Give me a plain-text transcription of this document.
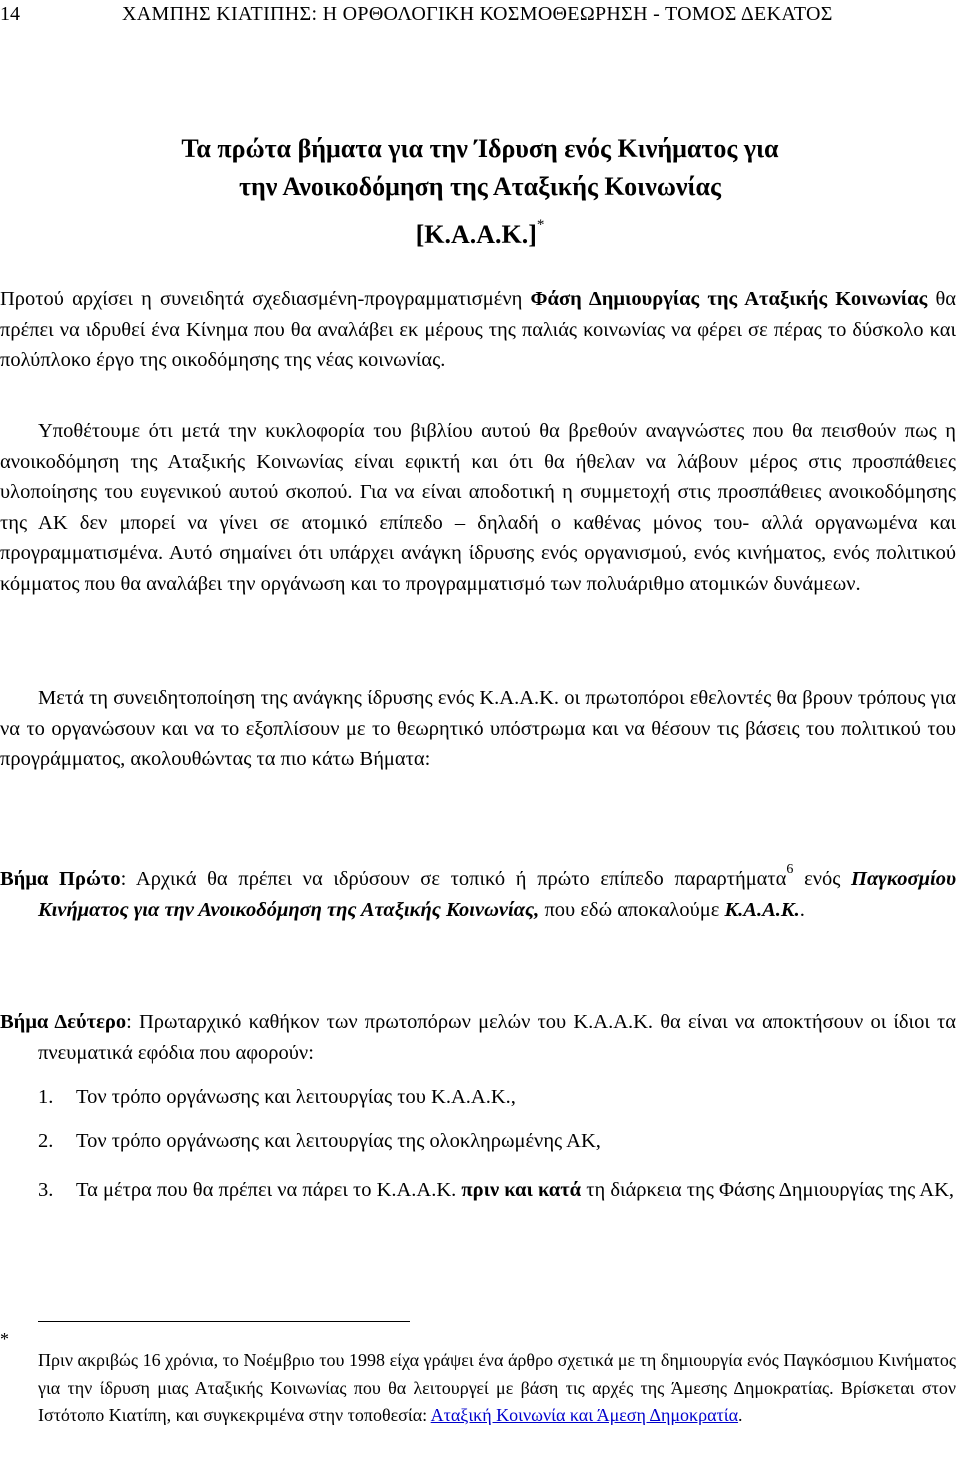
14	ΧΑΜΠΗΣ ΚΙΑΤΙΠΗΣ: Η ΟΡΘΟΛΟΓΙΚΗ ΚΟΣΜΟΘΕΩΡΗΣΗ - ΤΟΜΟΣ ΔΕΚΑΤΟΣ
Τα πρώτα βήματα για την Ίδρυση ενός Κινήματος για
την Ανοικοδόμηση της Αταξικής Κοινωνίας
[Κ.Α.Α.Κ.]*

Προτού αρχίσει η συνειδητά σχεδιασμένη-προγραμματισμένη Φάση Δημιουργίας της Αταξικής Κοινωνίας θα πρέπει να ιδρυθεί ένα Κίνημα που θα αναλάβει εκ μέρους της παλιάς κοινωνίας να φέρει σε πέρας το δύσκολο και πολύπλοκο έργο της οικοδόμησης της νέας κοινωνίας.

Υποθέτουμε ότι μετά την κυκλοφορία του βιβλίου αυτού θα βρεθούν αναγνώστες που θα πεισθούν πως η ανοικοδόμηση της Αταξικής Κοινωνίας είναι εφικτή και ότι θα ήθελαν να λάβουν μέρος στις προσπάθειες υλοποίησης του ευγενικού αυτού σκοπού. Για να είναι αποδοτική η συμμετοχή στις προσπάθειες ανοικοδόμησης της ΑΚ δεν μπορεί να γίνει σε ατομικό επίπεδο – δηλαδή ο καθένας μόνος του- αλλά οργανωμένα και προγραμματισμένα. Αυτό σημαίνει ότι υπάρχει ανάγκη ίδρυσης ενός οργανισμού, ενός κινήματος, ενός πολιτικού κόμματος που θα αναλάβει την οργάνωση και το προγραμματισμό των πολυάριθμο ατομικών δυνάμεων.

Μετά τη συνειδητοποίηση της ανάγκης ίδρυσης ενός Κ.Α.Α.Κ. οι πρωτοπόροι εθελοντές θα βρουν τρόπους για να το οργανώσουν και να το εξοπλίσουν με το θεωρητικό υπόστρωμα και να θέσουν τις βάσεις του πολιτικού του προγράμματος, ακολουθώντας τα πιο κάτω Βήματα:

Βήμα Πρώτο: Αρχικά θα πρέπει να ιδρύσουν σε τοπικό ή πρώτο επίπεδο παραρτήματα$^6$ ενός Παγκοσμίου Κινήματος για την Ανοικοδόμηση της Αταξικής Κοινωνίας, που εδώ αποκαλούμε Κ.Α.Α.Κ..

Βήμα Δεύτερο: Πρωταρχικό καθήκον των πρωτοπόρων μελών του Κ.Α.Α.Κ. θα είναι να αποκτήσουν οι ίδιοι τα πνευματικά εφόδια που αφορούν:

1. Τον τρόπο οργάνωσης και λειτουργίας του Κ.Α.Α.Κ.,

2. Τον τρόπο οργάνωσης και λειτουργίας της ολοκληρωμένης ΑΚ,

3. Τα μέτρα που θα πρέπει να πάρει το Κ.Α.Α.Κ. πριν και κατά τη διάρκεια της Φάσης Δημιουργίας της ΑΚ,

*

Πριν ακριβώς 16 χρόνια, το Νοέμβριο του 1998 είχα γράψει ένα άρθρο σχετικά με τη δημιουργία ενός Παγκόσμιου Κινήματος για την ίδρυση μιας Αταξικής Κοινωνίας που θα λειτουργεί με βάση τις αρχές της Άμεσης Δημοκρατίας. Βρίσκεται στον Ιστότοπο Κιατίπη, και συγκεκριμένα στην τοποθεσία: Αταξική Κοινωνία και Άμεση Δημοκρατία.
